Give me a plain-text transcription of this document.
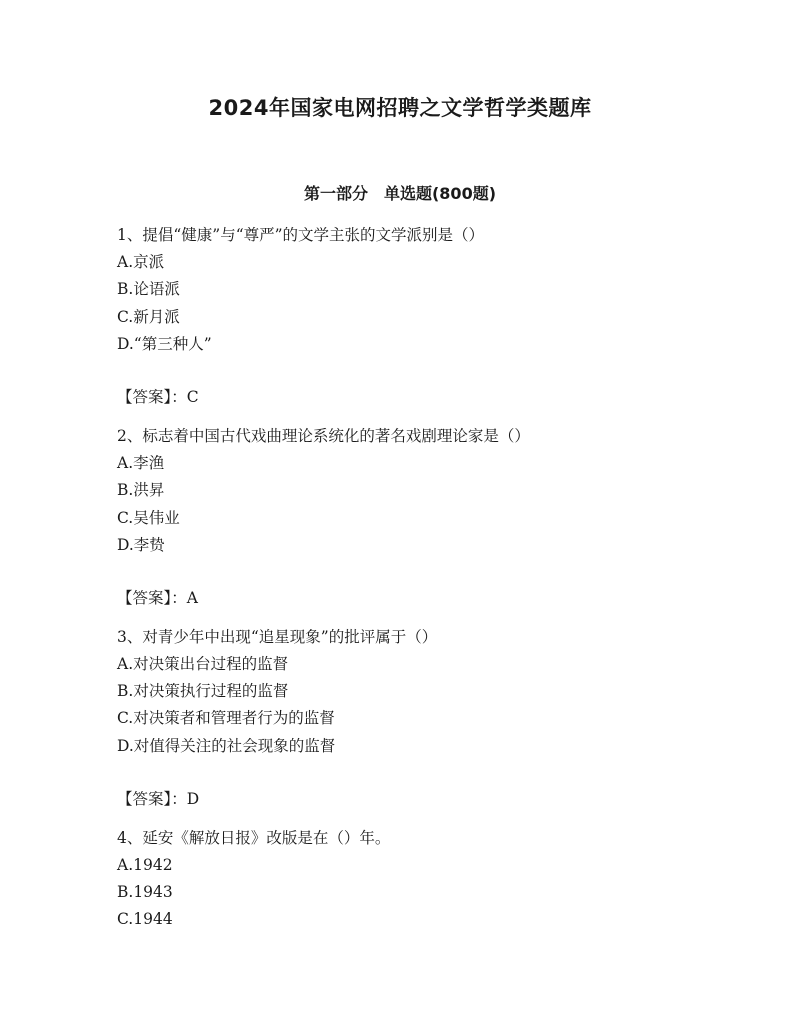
2024年国家电网招聘之文学哲学类题库
第一部分　单选题(800题)
1、提倡“健康”与“尊严”的文学主张的文学派别是（）
A.京派
B.论语派
C.新月派
D.“第三种人”
【答案】：C
2、标志着中国古代戏曲理论系统化的著名戏剧理论家是（）
A.李渔
B.洪昇
C.吴伟业
D.李贽
【答案】：A
3、对青少年中出现“追星现象”的批评属于（）
A.对决策出台过程的监督
B.对决策执行过程的监督
C.对决策者和管理者行为的监督
D.对值得关注的社会现象的监督
【答案】：D
4、延安《解放日报》改版是在（）年。
A.1942
B.1943
C.1944
